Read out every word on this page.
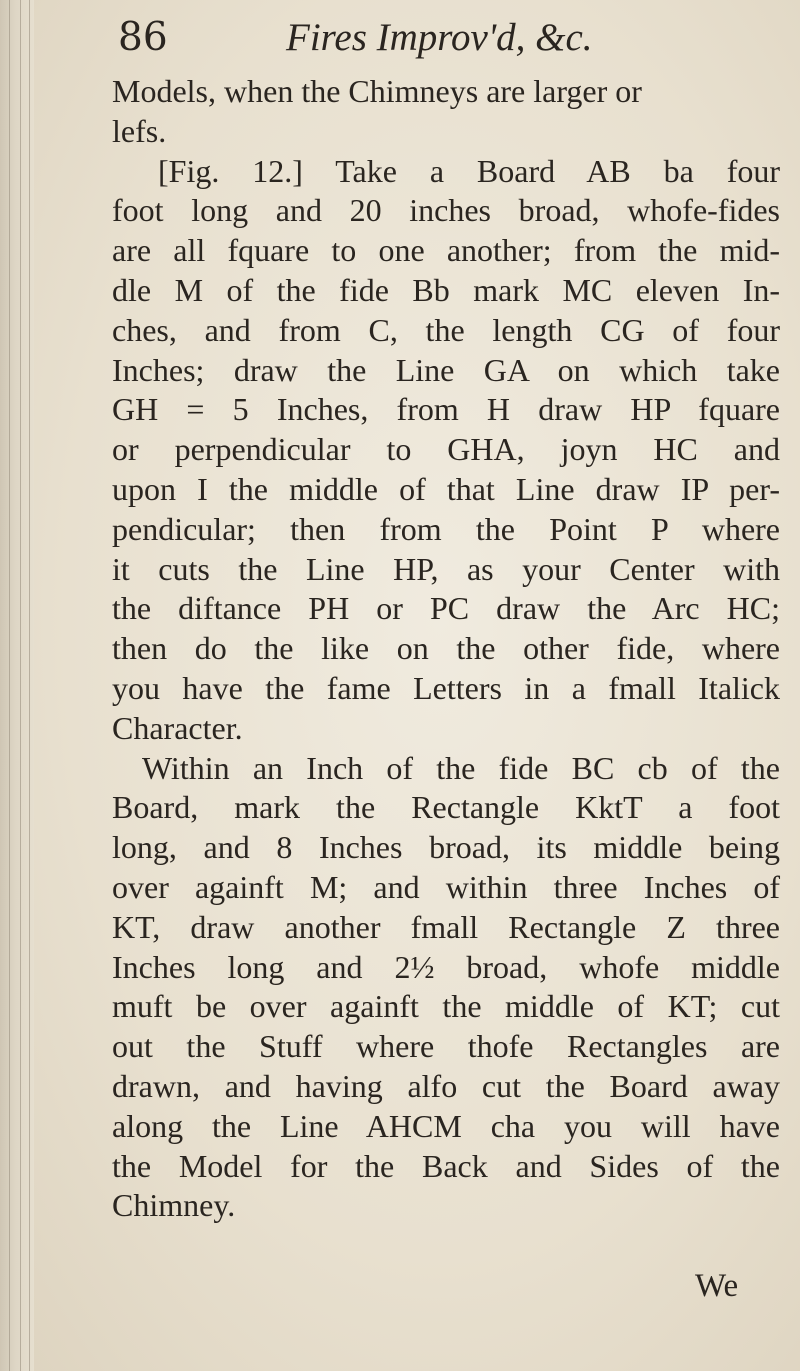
86	Fires Improv'd, &c.
Models, when the Chimneys are larger or
lefs.
[Fig. 12.] Take a Board AB ba four
foot long and 20 inches broad, whofe-fides
are all fquare to one another; from the mid-
dle M of the fide Bb mark MC eleven In-
ches, and from C, the length CG of four
Inches; draw the Line GA on which take
GH = 5 Inches, from H draw HP fquare
or perpendicular to GHA, joyn HC and
upon I the middle of that Line draw IP per-
pendicular; then from the Point P where
it cuts the Line HP, as your Center with
the diftance PH or PC draw the Arc HC;
then do the like on the other fide, where
you have the fame Letters in a fmall Italick
Character.
Within an Inch of the fide BC cb of the
Board, mark the Rectangle KktT a foot
long, and 8 Inches broad, its middle being
over againft M; and within three Inches of
KT, draw another fmall Rectangle Z three
Inches long and 2½ broad, whofe middle
muft be over againft the middle of KT; cut
out the Stuff where thofe Rectangles are
drawn, and having alfo cut the Board away
along the Line AHCM cha you will have
the Model for the Back and Sides of the
Chimney.
We
